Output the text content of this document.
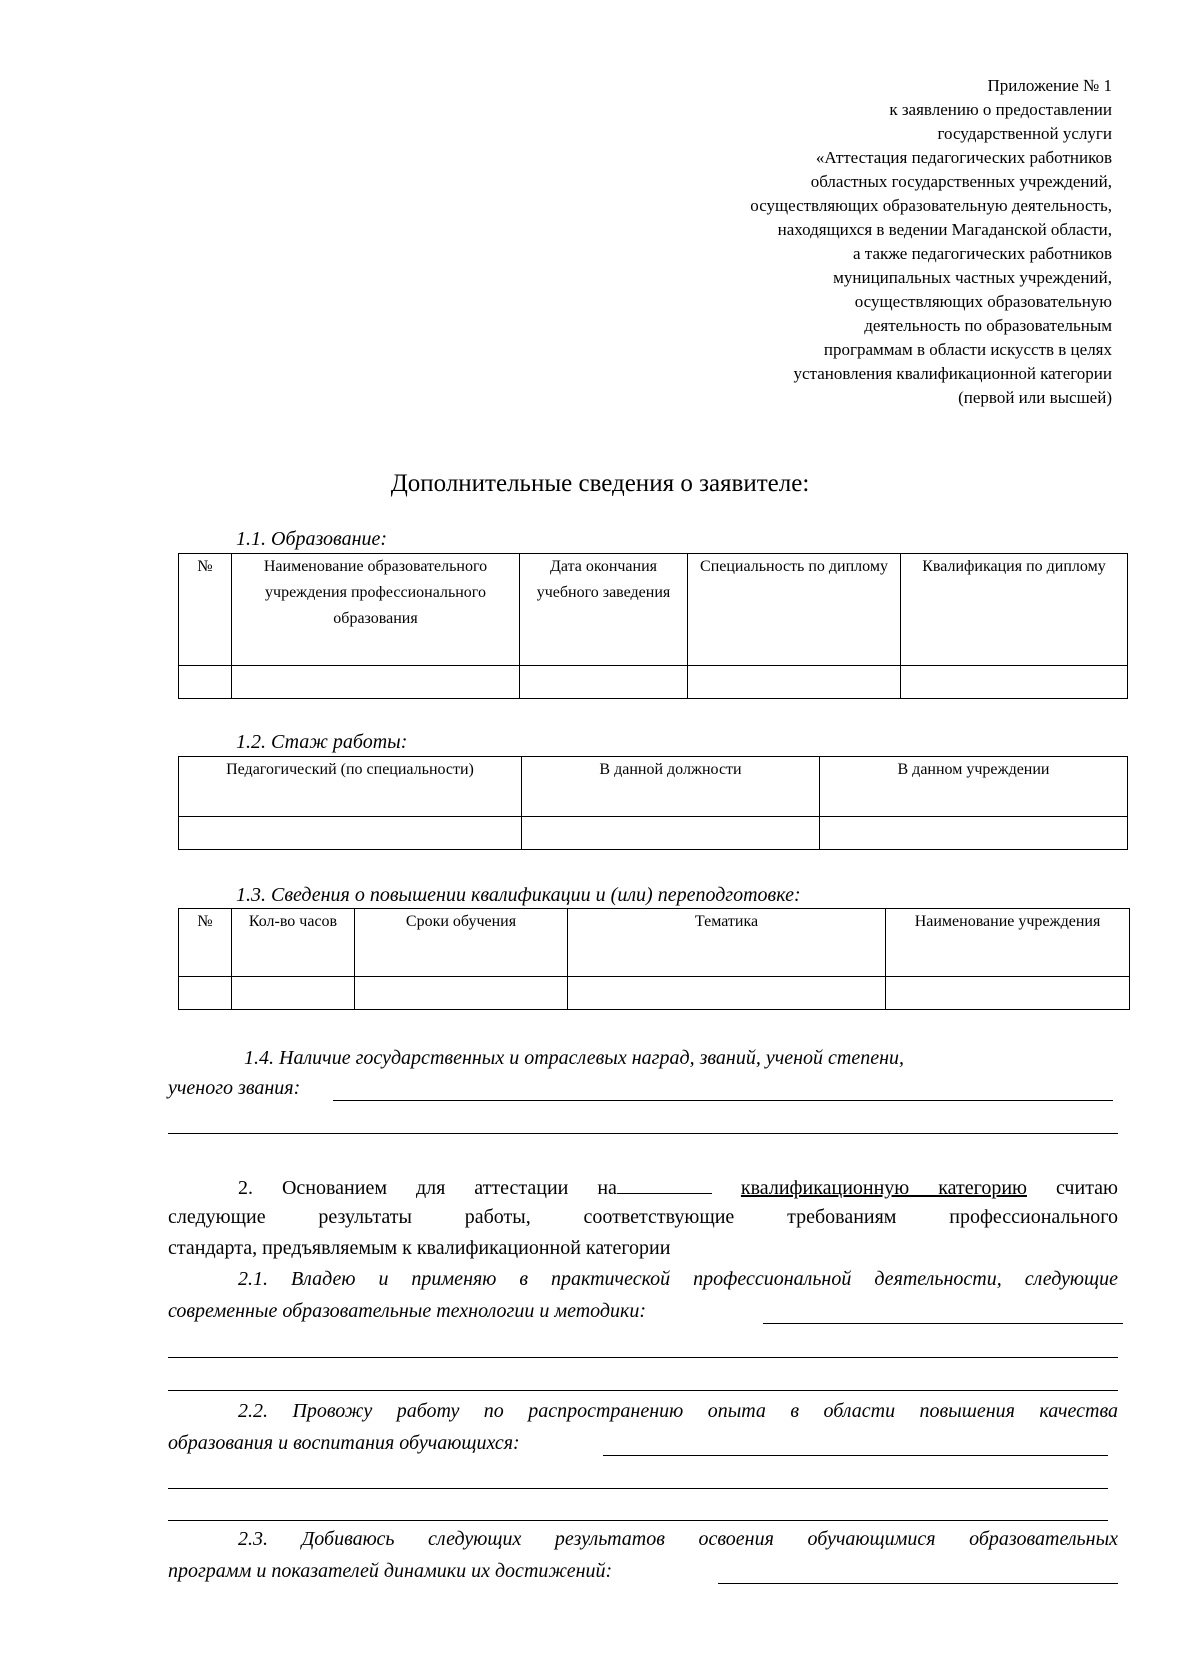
Приложение № 1
к заявлению о предоставлении
государственной услуги
«Аттестация педагогических работников
областных государственных учреждений,
осуществляющих образовательную деятельность,
находящихся в ведении Магаданской области,
а также педагогических работников
муниципальных частных учреждений,
осуществляющих образовательную
деятельность по образовательным
программам в области искусств в целях
установления квалификационной категории
(первой или высшей)
Дополнительные сведения о заявителе:
1.1. Образование:
№	Наименование образовательного учреждения профессионального образования	Дата окончания учебного заведения	Специальность по диплому	Квалификация по диплому

1.2. Стаж работы:
Педагогический (по специальности)	В данной должности	В данном учреждении

1.3. Сведения о повышении квалификации и (или) переподготовке:
№	Кол-во часов	Сроки обучения	Тематика	Наименование учреждения

1.4. Наличие государственных и отраслевых наград, званий, ученой степени,
ученого звания:
2. Основанием для аттестации на	квалификационную категорию считаю
следующие результаты работы, соответствующие требованиям профессионального
стандарта, предъявляемым к квалификационной категории
2.1. Владею и применяю в практической профессиональной деятельности, следующие
современные образовательные технологии и методики:
2.2. Провожу работу по распространению опыта в области повышения качества
образования и воспитания обучающихся:
2.3. Добиваюсь следующих результатов освоения обучающимися образовательных
программ и показателей динамики их достижений:
